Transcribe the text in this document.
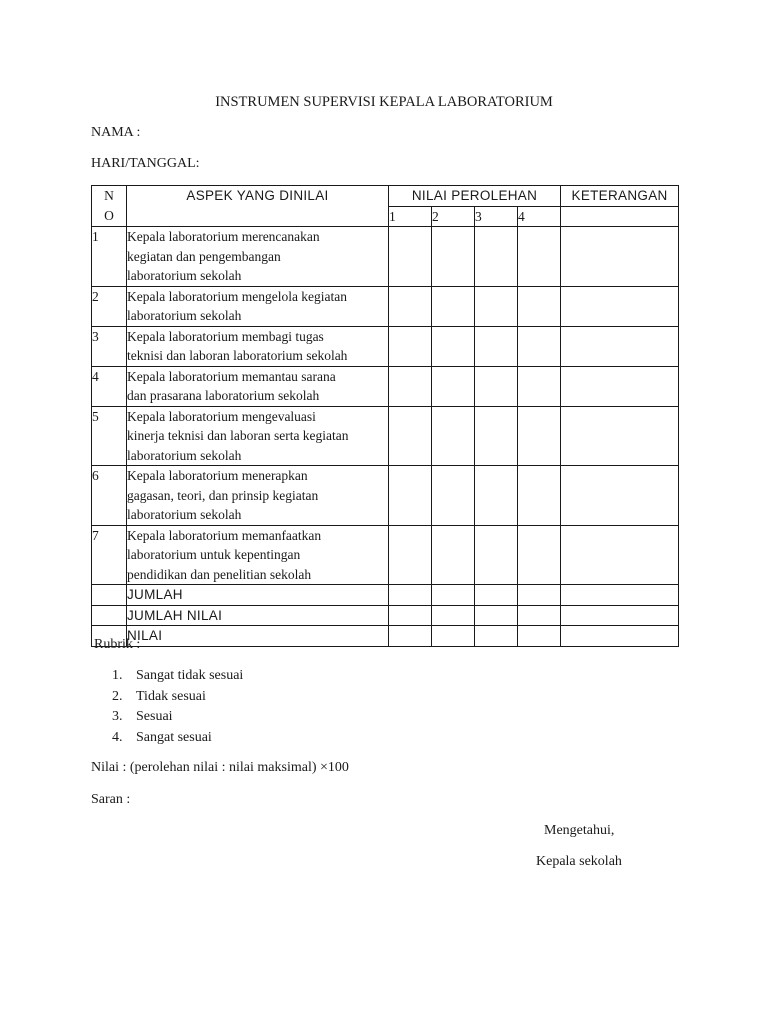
INSTRUMEN SUPERVISI KEPALA LABORATORIUM
NAMA :
HARI/TANGGAL:
N
O	ASPEK YANG DINILAI	NILAI PEROLEHAN				KETERANGAN
		1	2	3	4	
1	Kepala laboratorium merencanakan
kegiatan dan pengembangan
laboratorium sekolah					

2	Kepala laboratorium mengelola kegiatan
laboratorium sekolah					

3	Kepala laboratorium membagi tugas
teknisi dan laboran laboratorium sekolah					

4	Kepala laboratorium memantau sarana
dan prasarana laboratorium sekolah					

5	Kepala laboratorium mengevaluasi
kinerja teknisi dan laboran serta kegiatan
laboratorium sekolah					

6	Kepala laboratorium menerapkan
gagasan, teori, dan prinsip kegiatan
laboratorium sekolah					

7	Kepala laboratorium memanfaatkan
laboratorium untuk kepentingan
pendidikan dan penelitian sekolah					

	JUMLAH					
	JUMLAH NILAI					
	NILAI					
Rubrik :
1. Sangat tidak sesuai
2. Tidak sesuai
3. Sesuai
4. Sangat sesuai
Nilai : (perolehan nilai : nilai maksimal) ×100
Saran :
Mengetahui,
Kepala sekolah
